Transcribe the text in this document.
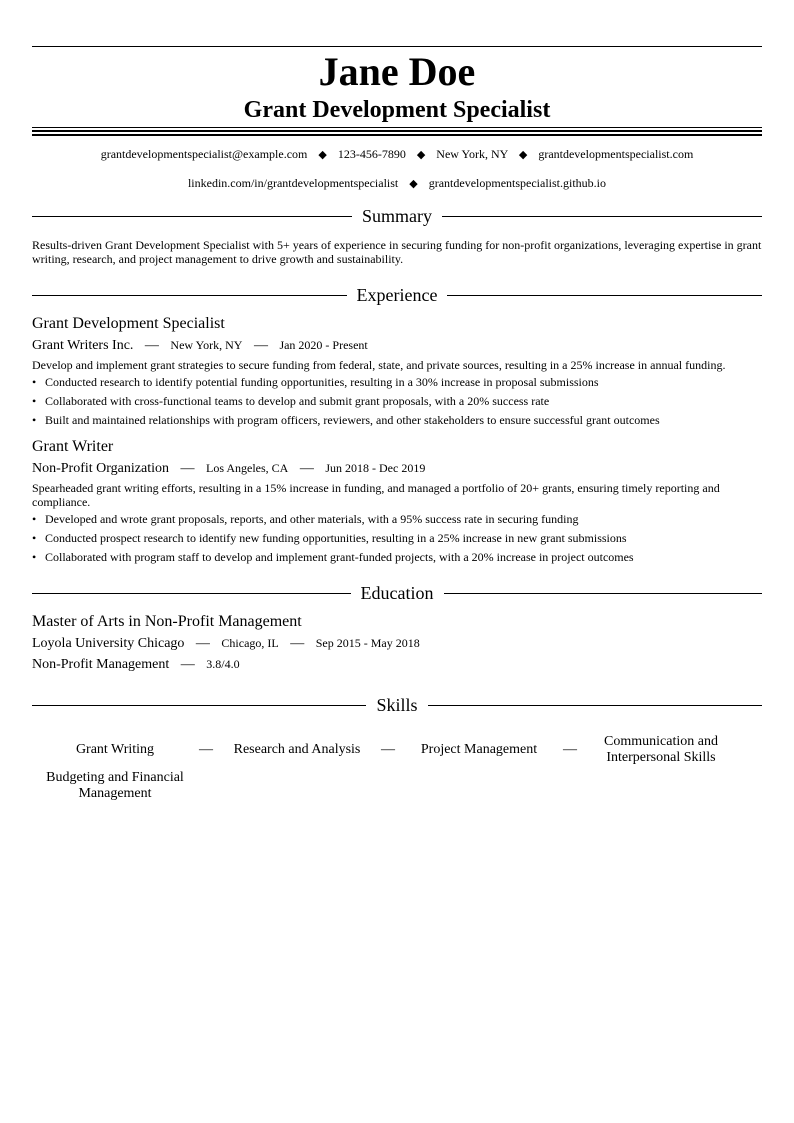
Jane Doe
Grant Development Specialist
grantdevelopmentspecialist@example.com ◆ 123-456-7890 ◆ New York, NY ◆ grantdevelopmentspecialist.com
linkedin.com/in/grantdevelopmentspecialist ◆ grantdevelopmentspecialist.github.io
Summary
Results-driven Grant Development Specialist with 5+ years of experience in securing funding for non-profit organizations, leveraging expertise in grant writing, research, and project management to drive growth and sustainability.
Experience
Grant Development Specialist
Grant Writers Inc. — New York, NY — Jan 2020 - Present
Develop and implement grant strategies to secure funding from federal, state, and private sources, resulting in a 25% increase in annual funding.
• Conducted research to identify potential funding opportunities, resulting in a 30% increase in proposal submissions
• Collaborated with cross-functional teams to develop and submit grant proposals, with a 20% success rate
• Built and maintained relationships with program officers, reviewers, and other stakeholders to ensure successful grant outcomes
Grant Writer
Non-Profit Organization — Los Angeles, CA — Jun 2018 - Dec 2019
Spearheaded grant writing efforts, resulting in a 15% increase in funding, and managed a portfolio of 20+ grants, ensuring timely reporting and compliance.
• Developed and wrote grant proposals, reports, and other materials, with a 95% success rate in securing funding
• Conducted prospect research to identify new funding opportunities, resulting in a 25% increase in new grant submissions
• Collaborated with program staff to develop and implement grant-funded projects, with a 20% increase in project outcomes
Education
Master of Arts in Non-Profit Management
Loyola University Chicago — Chicago, IL — Sep 2015 - May 2018
Non-Profit Management — 3.8/4.0
Skills
Grant Writing	—	Research and Analysis	—	Project Management	—
Communication and Interpersonal Skills
Budgeting and Financial Management
